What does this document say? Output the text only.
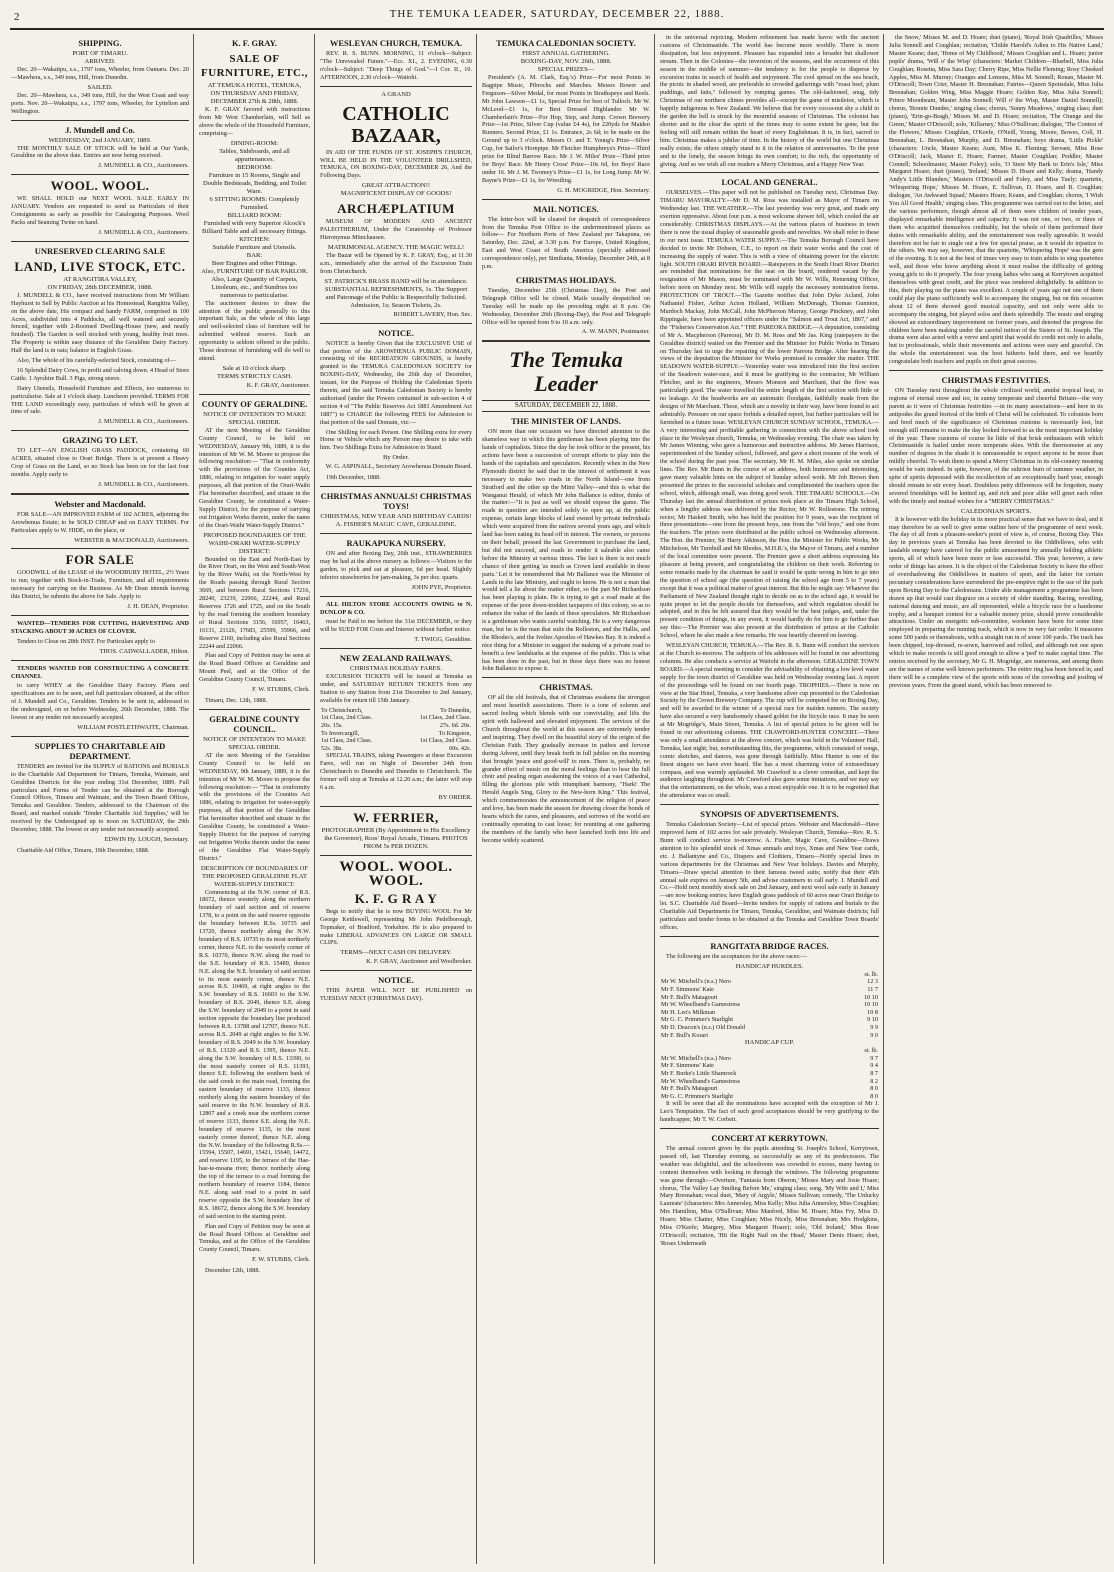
2	THE TEMUKA LEADER, SATURDAY, DECEMBER 22, 1888.
SHIPPING.
PORT OF TIMARU.
ARRIVED.
Dec. 20—Wakatipu, s.s., 1797 tons, Wheeler, from Oamaru. Dec. 20—Mawhera, s.s., 349 tons, Hill, from Dunedin.
SAILED.
Dec. 20—Mawhera, s.s., 349 tons, Hill, for the West Coast and way ports. Nov. 20—Wakatipu, s.s., 1797 tons, Wheeler, for Lyttelton and Wellington.
J. Mundell and Co.
WEDNESDAY, 2nd JANUARY, 1889.
THE MONTHLY SALE OF STOCK will be held at Our Yards, Geraldine on the above date. Entries are now being received.
J. MUNDELL & CO., Auctioneers.
WOOL. WOOL.
WE SHALL HOLD our NEXT WOOL SALE EARLY IN JANUARY. Vendors are requested to send us Particulars of their Consignments as early as possible for Cataloguing Purposes. Wool Packs and Seaming Twine on hand.
J. MUNDELL & CO., Auctioneers.
UNRESERVED CLEARING SALE
LAND, LIVE STOCK, ETC.
AT RANGITIRA VALLEY,
ON FRIDAY, 28th DECEMBER, 1888.
J. MUNDELL & CO., have received instructions from Mr William Hayhurst to Sell by Public Auction at his Homestead, Rangitira Valley, on the above date, His compact and handy FARM, comprised in 100 Acres, subdivided into 4 Paddocks, all well watered and securely fenced, together with 2-Roomed Dwelling-House (new, and neatly finished). The Garden is well stocked with young, healthy fruit trees. The Property is within easy distance of the Geraldine Dairy Factory. Half the land is in oats; balance in English Grass.
Also, The whole of his carefully-selected Stock, consisting of—
16 Splendid Dairy Cows, in profit and calving down. 4 Head of Store Cattle. 1 Ayrshire Bull. 3 Pigs, strong stores.
Dairy Utensils, Household Furniture and Effects, too numerous to particularise. Sale at 1 o'clock sharp. Luncheon provided. TERMS FOR THE LAND exceedingly easy, particulars of which will be given at time of sale.
J. MUNDELL & CO., Auctioneers.
GRAZING TO LET.
TO LET—AN ENGLISH GRASS PADDOCK, containing 60 ACRES, situated close to Orari Bridge. There is at present a Heavy Crop of Grass on the Land, so no Stock has been on for the last four months. Apply early to
J. MUNDELL & CO., Auctioneers.
Webster and Macdonald.
FOR SALE—AN IMPROVED FARM of 102 ACRES, adjoining the Arowhenua Estate; to be SOLD CHEAP and on EASY TERMS. For Particulars apply to W. HIDE, on the place, or
WEBSTER & MACDONALD, Auctioneers.
FOR SALE
GOODWILL of the LEASE of the WOODBURY HOTEL, 2½ Years to run; together with Stock-in-Trade, Furniture, and all requirements necessary for carrying on the Business. As Mr Dean intends leaving this District, he submits the above for Sale. Apply to
J. H. DEAN, Proprietor.
WANTED—TENDERS FOR CUTTING, HARVESTING AND STACKING ABOUT 30 ACRES OF CLOVER.
Tenders to Close on 28th INST. For Particulars apply to
THOS. CADWALLADER, Hilton.
TENDERS WANTED FOR CONSTRUCTING A CONCRETE CHANNEL
to carry WHEY at the Geraldine Dairy Factory. Plans and specifications are to be seen, and full particulars obtained, at the office of J. Mundell and Co., Geraldine. Tenders to be sent in, addressed to the undersigned, on or before Wednesday, 26th December, 1888. The lowest or any tender not necessarily accepted.
WILLIAM POSTLETHWAITE, Chairman.
SUPPLIES TO CHARITABLE AID DEPARTMENT.
TENDERS are invited for the SUPPLY of RATIONS and BURIALS to the Charitable Aid Department for Timaru, Temuka, Waimate, and Geraldine Districts for the year ending 31st December, 1889. Full particulars and Forms of Tender can be obtained at the Borough Council Offices, Timaru and Waimate, and the Town Board Offices, Temuka and Geraldine. Tenders, addressed to the Chairman of the Board, and marked outside 'Tender Charitable Aid Supplies,' will be received by the Undersigned up to noon on SATURDAY, the 29th December, 1888. The lowest or any tender not necessarily accepted.
EDWIN Hy. LOUGH, Secretary.
Charitable Aid Office, Timaru, 19th December, 1888.
K. F. GRAY.
SALE OF FURNITURE, ETC.,
AT TEMUKA HOTEL, TEMUKA,
ON THURSDAY AND FRIDAY, DECEMBER 27th & 28th, 1888.
K. F. GRAY favored with instructions from Mr West Chamberlain, will Sell as above the whole of the Household Furniture, comprising—
DINING-ROOM:
Tables, Sideboards, and all appurtenances.
BEDROOM:
Furniture in 15 Rooms, Single and Double Bedsteads, Bedding, and Toilet Ware.
6 SITTING ROOMS: Completely Furnished.
BILLIARD ROOM:
Furnished with very Superior Alcock's Billiard Table and all necessary fittings.
KITCHEN:
Suitable Furniture and Utensils.
BAR:
Beer Engines and other Fittings.
Also, FURNITURE OF BAR PARLOR.
Also, Large Quantity of Carpets, Linoleum, etc., and Sundries too numerous to particularise.
The auctioneer desires to draw the attention of the public generally to this important Sale, as the whole of this large and well-selected class of furniture will be submitted without reserve. Such an opportunity is seldom offered to the public. Those desirous of furnishing will do well to attend.
Sale at 10 o'clock sharp.
TERMS STRICTLY CASH.
K. F. GRAY, Auctioneer.
COUNTY OF GERALDINE.
NOTICE OF INTENTION TO MAKE SPECIAL ORDER.
AT the next Meeting of the Geraldine County Council, to be held on WEDNESDAY, January 9th, 1889, it is the intention of Mr W. M. Moore to propose the following resolution:— "That in conformity with the provisions of the Counties Act, 1886, relating to irrigation for water supply purposes, all that portion of the Orari-Waihi Flat hereinafter described, and situate in the Geraldine County, be constituted a Water-Supply District, for the purpose of carrying out Irrigation Works therein, under the name of the Orari-Waihi Water-Supply District."
PROPOSED BOUNDARIES OF THE WAIHI-ORARI WATER-SUPPLY DISTRICT:
Bounded on the East and North-East by the River Orari, on the West and South-West by the River Waihi, on the North-West by the Roads passing through Rural Section 3669, and between Rural Sections 17216, 28240, 23239, 22066, 22244, and Rural Reserves 1726 and 1725, and on the South by the road forming the southern boundary of Rural Sections 3156, 16957, 16463, 16131, 21126, 17683, 25599, 35966, and Reserve 2160, including also Rural Sections 22244 and 22066.
Plan and Copy of Petition may be seen at the Road Board Offices at Geraldine and Mount Peel, and at the Office of the Geraldine County Council, Timaru.
F. W. STUBBS, Clerk.
Timaru, Dec. 12th, 1888.
GERALDINE COUNTY COUNCIL.
NOTICE OF INTENTION TO MAKE SPECIAL ORDER.
AT the next Meeting of the Geraldine County Council to be held on WEDNESDAY, 9th January, 1889, it is the intention of Mr W. M. Moore to propose the following resolution:— "That in conformity with the provisions of the Counties Act 1886, relating to irrigation for water-supply purposes, all that portion of the Geraldine Flat hereinafter described and situate in the Geraldine County, be constituted a Water-Supply District for the purpose of carrying out Irrigation Works therein under the name of the Geraldine Flat Water-Supply District."
DESCRIPTION OF BOUNDARIES OF THE PROPOSED GERALDINE FLAT WATER-SUPPLY DISTRICT:
Commencing at the N.W. corner of R.S. 18672, thence westerly along the northern boundary of said section and of reserve 1378, to a point on the said reserve opposite the boundary between R.Ss. 10735 and 13720, thence northerly along the N.W. boundary of R.S. 10735 to its most northerly corner, thence N.E. to the westerly corner of R.S. 10370, thence N.W. along the road to the S.E. boundary of R.S. 15489, thence N.E. along the N.E. boundary of said section to its most easterly corner, thence N.E. across R.S. 10469, at right angles to the S.W. boundary of R.S. 16603 to the S.W. boundary of R.S. 2049, thence S.E. along the S.W. boundary of 2049 to a point in said section opposite the boundary line produced between R.S. 13788 and 12707, thence N.E. across R.S. 2049 at right angles to the S.W. boundary of R.S. 2049 to the S.W. boundary of R.S. 13320 and R.S. 1395, thence N.E. along the S.W. boundary of R.S. 13390, to the most easterly corner of R.S. 11393, thence S.E. following the southern bank of the said creek to the main road, forming the eastern boundary of reserve 1133, thence northerly along the eastern boundary of the said reserve to the N.W. boundary of R.S. 12807 and a creek near the northern corner of reserve 1133, thence S.E. along the N.E. boundary of reserve 1135, to the most easterly corner thereof, thence N.E. along the N.W. boundary of the following R.Ss.—15594, 15507, 14691, 15421, 15640, 14472, and reserve 1195, to the terrace of the Hae-hae-te-moana river, thence northerly along the top of the terrace to a road forming the northern boundary of reserve 1184, thence N.E. along said road to a point in said reserve opposite the S.W. boundary line of R.S. 18672, thence along the S.W. boundary of said section to the starting point.
Plan and Copy of Petition may be seen at the Road Board Offices at Geraldine and Temuka, and at the Office of the Geraldine County Council, Timaru.
F. W. STUBBS, Clerk.
December 12th, 1888.
WESLEYAN CHURCH, TEMUKA.
REV. R. S. BUNN. MORNING, 11 o'clock—Subject: "The Unrevealed Future."—Ecc. XI., 2. EVENING, 6.30 o'clock—Subject: "Deep Things of God."—I Cor. II., 10. AFTERNOON, 2.30 o'clock—Waitohi.
A GRAND
CATHOLIC BAZAAR,
IN AID OF THE FUNDS OF ST. JOSEPH'S CHURCH, WILL BE HELD IN THE VOLUNTEER DRILLSHED, TEMUKA, ON BOXING-DAY, DECEMBER 26, And the Following Days.
GREAT ATTRACTION!!
MAGNIFICENT DISPLAY OF GOODS!
ARCHÆPLATIUM
MUSEUM OF MODERN AND ANCIENT PALEOTHERIUM, Under the Curatorship of Professor Hieronymus Münchausen.
MATRIMONIAL AGENCY. THE MAGIC WELL!
The Bazar will be Opened by K. F. GRAY, Esq., at 11.30 a.m., immediately after the arrival of the Excursion Train from Christchurch.
ST. PATRICK'S BRASS BAND will be in attendance.
SUBSTANTIAL REFRESHMENTS, 1s. The Support and Patronage of the Public is Respectfully Solicited.
Admission, 1s; Season Tickets, 2s.
ROBERT LAVERY, Hon. Sec.
NOTICE.
NOTICE is hereby Given that the EXCLUSIVE USE of that portion of the AROWHENUA PUBLIC DOMAIN, consisting of the RECREATION GROUNDS, is hereby granted to the TEMUKA CALEDONIAN SOCIETY for BOXING-DAY, Wednesday, the 26th day of December, instant, for the Purpose of Holding the Caledonian Sports therein, and the said Temuka Caledonian Society is hereby authorised (under the Powers contained in sub-section 4 of section 4 of "The Public Reserves Act 1881 Amendment Act 1887") to CHARGE the following FEES for Admission to that portion of the said Domain, viz:—
One Shilling for each Person. One Shilling extra for every Horse or Vehicle which any Person may desire to take with him. Two Shillings Extra for Admission to Stand.
By Order.
W. G. ASPINALL, Secretary Arowhenua Domain Board.
19th December, 1888.
CHRISTMAS ANNUALS! CHRISTMAS TOYS!
CHRISTMAS, NEW YEAR AND BIRTHDAY CARDS!
A. FISHER'S MAGIC CAVE, GERALDINE.
RAUKAPUKA NURSERY.
ON and after Boxing Day, 26th inst., STRAWBERRIES may be had at the above nursery as follows:—Visitors to the garden, to pick and eat at pleasure, 6d per head. Slightly inferior strawberries for jam-making, 3s per doz. quarts.
JOHN PYE, Proprietor.
ALL HILTON STORE ACCOUNTS OWING to N. DUNLOP & CO.
must be Paid to me before the 31st DECEMBER, or they will be SUED FOR Costs and Interest without further notice.
T. TWIGG, Geraldine.
NEW ZEALAND RAILWAYS.
CHRISTMAS HOLIDAY FARES.
EXCURSION TICKETS will be issued at Temuka as under, and SATURDAY RETURN TICKETS from any Station to any Station from 21st December to 2nd January, available for return till 15th January.
To Christchurch,	To Dunedin,
1st Class, 2nd Class.	1st Class, 2nd Class.
20s. 15s.	27s. 6d. 20s.
To Invercargill,	To Kingston,
1st Class, 2nd Class.	1st Class, 2nd Class.
52s. 38s.	60s. 42s.
SPECIAL TRAINS, taking Passengers at these Excursion Fares, will run on Night of December 24th from Christchurch to Dunedin and Dunedin to Christchurch. The former will stop at Temuka at 12.20 a.m.; the latter will stop 6 a.m.
BY ORDER.
W. FERRIER,
PHOTOGRAPHER (By Appointment to His Excellency the Governor), Ross' Royal Arcade, Timaru. PHOTOS FROM 5s PER DOZEN.
WOOL. WOOL. WOOL.
K. F. G R A Y
Begs to notify that he is now BUYING WOOL For Mr George Kettlewell, representing Mr John Pedelborough, Topmaker, of Bradford, Yorkshire. He is also prepared to make LIBERAL ADVANCES ON LARGE OR SMALL CLIPS.
TERMS—NEXT CASH ON DELIVERY.
K. F. GRAY, Auctioneer and Woolbroker.
NOTICE.
THIS PAPER WILL NOT BE PUBLISHED on TUESDAY NEXT (CHRISTMAS DAY).
TEMUKA CALEDONIAN SOCIETY.
FIRST ANNUAL GATHERING.
BOXING-DAY, NOV. 26th, 1888.
SPECIAL PRIZES—
President's (A. M. Clark, Esq.'s) Prize—For most Points in Bagpipe Music, Pibrochs and Marches. Messrs Bower and Ferguson—Silver Medal, for most Points in Strathspeys and Reels. Mr John Lawson—£1 1s, Special Prize for best of Tulloch. Mr W. McLeod—£1 1s, for Best Dressed Highlander. Mr W. Chamberlain's Prize—For Hop, Step, and Jump. Crown Brewery Prize—1st Prize, Silver Cup (value £4 4s), for 220yds for Maiden Runners. Second Prize, £1 1s. Entrance, 2s 6d; to be made on the Ground up to 3 o'clock. Messrs O. and T. Young's Prize—Silver Cup, for Sailor's Hornpipe. Mr Fletcher Humphreys's Prize—Third prize for Blind Barrow Race. Mr J. W. Miles' Prize—Third prize for Boys' Race. Mr Henry Cross' Prize—10s 6d, for Boys' Race under 16. Mr J. M. Twomey's Prize—£1 1s, for Long Jump. Mr W. Bayne's Prize—£1 1s, for Wrestling.
G. H. MOGRIDGE, Hon. Secretary.
MAIL NOTICES.
The letter-box will be cleared for despatch of correspondence from the Temuka Post Office to the undermentioned places as follow— For Northern Ports of New Zealand per Takapuna, on Saturday, Dec. 22nd, at 3.30 p.m. For Europe, United Kingdom, East and West Coast of South America (specially addressed correspondence only), per Similunta, Monday, December 24th, at 8 p.m.
CHRISTMAS HOLIDAYS.
Tuesday, December 25th (Christmas Day), the Post and Telegraph Office will be closed. Mails usually despatched on Tuesday will be made up the preceding night at 8 p.m. On Wednesday, December 26th (Boxing-Day), the Post and Telegraph Office will be opened from 9 to 10 a.m. only.
A. W. MANN, Postmaster.
The Temuka Leader
SATURDAY, DECEMBER 22, 1888.
THE MINISTER OF LANDS.
ON more than one occasion we have directed attention to the shameless way in which this gentleman has been playing into the hands of capitalists. Since the day he took office to the present, his actions have been a succession of corrupt efforts to play into the hands of the capitalists and speculators. Recently when in the New Plymouth district he said that in the interest of settlement it was necessary to make two roads in the North Island—one from Stratford and the other up the Mimi Valley—and this is what the Wanganui Herald, of which Mr John Ballance is editor, thinks of the matter:—"It is just as well we should expose the game. The roads in question are intended solely to open up, at the public expense, certain large blocks of land owned by private individuals which were acquired from the natives several years ago, and which land has been eating its head off in interest. The owners, or persons on their behalf, pressed the last Government to purchase the land, but did not succeed, and roads to render it saleable also came before the Ministry at various times. The fact is there is not much chance of their getting 'as much as Crown land available in these parts.' Let it be remembered that Mr Ballance was the Minister of Lands in the late Ministry, and ought to know. He is not a man that would tell a lie about the matter either, so the part Mr Richardson has been playing is plain. He is trying to get a road made at the expense of the poor down-trodden taxpayers of this colony, so as to enhance the value of the lands of these speculators. Mr Richardson is a gentleman who wants careful watching. He is a very dangerous man, but he is the man that suits the Rolleston, and the Hallis, and the Rhodes's, and the Ivelies Apostles of Hawkes Bay. It is indeed a nice thing for a Minister to suggest the making of a private road to benefit a few landsharks at the expense of the public. This is what has been done in the past, but in these days there was no honest John Ballance to expose it.
CHRISTMAS.
OF all the old festivals, that of Christmas awakens the strongest and most heartfelt associations. There is a tone of solemn and sacred feeling which blends with our conviviality, and lifts the spirit with hallowed and elevated enjoyment. The services of the Church throughout the world at this season are extremely tender and inspiring. They dwell on the beautiful story of the origin of the Christian Faith. They gradually increase in pathos and fervour during Advent, until they break forth in full jubilee on the morning that brought 'peace and good-will' to men. There is, probably, no grander effect of music on the moral feelings than to hear the full choir and pealing organ awakening the voices of a vast Cathedral, filling the glorious pile with triumphant harmony, "Hark! The Herald Angels Sing, Glory to the New-born King." This festival, which commemorates the announcement of the religion of peace and love, has been made the season for drawing closer the bonds of hearts which the cares, and pleasures, and sorrows of the world are continually operating to cast loose; for reuniting at one gathering the members of the family who have launched forth into life and become widely scattered.
in the universal rejoicing. Modern refinement has made havoc with the ancient customs of Christmastide. The world has become more worldly. There is more dissipation, but less enjoyment. Pleasure has expanded into a broader but shallower stream. Then in the Colonies—the inversion of the seasons, and the occurrence of this season in the middle of summer—the tendency is for the people to disperse by excursion trains in search of health and enjoyment. The cool spread on the sea beach, the picnic in shaded wood, are preferable to crowded gatherings with "roast beef, plum puddings, and faits," followed by romping games. The old-fashioned, snug, tidy Christmas of our northern climes provides all—except the game of mistletoe, which is happily indigenous to New Zealand. We believe that for every cocoa-nut shy a child in the garden the bell is struck by the mournful seasons of Christmas. The colonist has shorter and in the clear the spirit of the times may to some extent be gone, but the feeling will still remain within the heart of every Englishman. It is, in fact, sacred to him. Christmas makes a jubilee of time. In the history of the world but one Christmas really exists; the others simply stand to it in the relation of anniversaries. To the poor and to the lonely, the season brings its own comfort; to the rich, the opportunity of giving. And so we wish all our readers a Merry Christmas, and a Happy New Year.
LOCAL AND GENERAL.
OURSELVES.—This paper will not be published on Tuesday next, Christmas Day. TIMARU MAYORALTY.—Mr D. M. Ross was installed as Mayor of Timaru on Wednesday last. THE WEATHER.—The last yesterday was very great, and made any exertion oppressive. About four p.m. a most welcome shower fell, which cooled the air considerably. CHRISTMAS DISPLAYS.—At the various places of business in town there is now the usual display of seasonable goods and novelties. We shall refer to these in our next issue. TEMUKA WATER SUPPLY.—The Temuka Borough Council have decided to invite Mr Dobson, C.E., to report on their water works and the cost of increasing the supply of water. This is with a view of obtaining power for the electric light. SOUTH ORARI RIVER BOARD.—Ratepayers in the South Orari River District are reminded that nominations for the seat on the board, rendered vacant by the resignation of Mr Mason, must be nominated with Mr W. Wills, Returning Officer, before noon on Monday next. Mr Wills will supply the necessary nomination forms. PROTECTION OF TROUT.—The Gazette notifies that John Dyke Acland, John Nathaniel Fisher, Arthur Acton Holland, William McDonagh, Thomas Gunnion, Murdoch Mackay, John McCall, John McPherson Murray, George Pinckney, and John Rippingale, have been appointed officers under the "Salmon and Trout Act, 1867," and the "Fisheries Conservation Act." THE PAREORA BRIDGE.—A deputation, consisting of Mr A. Macpherson (Pareora), Mr D. M. Ross and Mr Jas. King (ratepayers in the Geraldine district) waited on the Premier and the Minister for Public Works in Timaru on Thursday last to urge the repairing of the lower Pareora Bridge. After hearing the views of the deputation the Minister for Works promised to consider the matter. THE SEADOWN WATER-SUPPLY.—Yesterday water was introduced into the first section of the Seadown water-race, and it must be gratifying to the contractor, Mr William Fletcher, and to the engineers, Messrs Monson and Marchant, that the flow was particularly good. The water travelled the entire length of the first section with little or no leakage. At the headworks are an automatic floodgate, faithfully made from the designs of Mr Marchant. These, which are a novelty in their way, have been found to act admirably. Pressure on our space forbids a detailed report, but further particulars will be furnished in a future issue. WESLEYAN CHURCH SUNDAY SCHOOL, TEMUKA.—A very interesting and profitable gathering in connection with the above school took place in the Wesleyan church, Temuka, on Wednesday evening. The chair was taken by Mr James Winning, who gave a humorous and instructive address. Mr James Harrison, superintendent of the Sunday school, followed, and gave a short resume of the work of the school during the past year. The secretary, Mr H. M. Miles, also spoke on similar lines. The Rev. Mr Bunn in the course of an address, both humorous and interesting, gave many valuable hints on the subject of Sunday school work. Mr Job Brown then presented the prizes to the successful scholars and complimented the teachers upon the school, which, although small, was doing good work. THE TIMARU SCHOOLS.—On Thursday last the annual distribution of prizes took place at the Timaru High School, when a lengthy address was delivered by the Rector, Mr W. Rollestone. The retiring rector, Mr Haskett Smith, who has held the position for 9 years, was the recipient of three presentations—one from the present boys, one from the "old boys," and one from the teachers. The prizes were distributed at the public school on Wednesday afternoon. The Hon. the Premier, Sir Harry Atkinson, the Hon. the Minister for Public Works, Mr Mitchelson, Mr Turnbull and Mr Rhodes, M.H.R.'s, the Mayor of Timaru, and a number of the local committee were present. The Premier gave a short address expressing his pleasure at being present, and congratulating the children on their work. Referring to some remarks made by the chairman he said it would be quite wrong in him to go into the question of school age (the question of raising the school age from 5 to 7 years) except that it was a political matter of great interest. But this he might say: Whatever the Parliament of New Zealand thought right to decide on as to the school age, it would be quite proper to let the people decide for themselves, and which regulation should be adopted, and in this he felt assured that they would be the best judges, and, under the present condition of things, in any event, it would hardly do for him to go further than say this:—The Premier was also present at the distribution of prizes at the Catholic School, where he also made a few remarks. He was heartily cheered on leaving.
WESLEYAN CHURCH, TEMUKA.—The Rev. R. S. Bunn will conduct the services at the Church to-morrow. The subjects of his addresses will be found in our advertising columns. He also conducts a service at Waitohi in the afternoon. GERALDINE TOWN BOARD.—A special meeting to consider the advisability of obtaining a low level water supply for the town district of Geraldine was held on Wednesday evening last. A report of the proceedings will be found on our fourth page. TROPHIES.—There is now on view at the Star Hotel, Temuka, a very handsome silver cup presented to the Caledonian Society by the Crown Brewery Company. The cup will be competed for on Boxing Day, and will be awarded to the winner of a special race for maiden runners. The society have also secured a very handsomely chased goblet for the bicycle race. It may be seen at Mr Mogridge's, Main Street, Temuka. A list of special prizes to be given will be found in our advertising columns. THE CRAWFORD-HUNTER CONCERT.—There was only a small attendance at the above concert, which was held in the Volunteer Hall, Temuka, last night; but, notwithstanding this, the programme, which consisted of songs, comic sketches, and dances, was gone through faithfully. Miss Hunter is one of the finest singers we have ever heard. She has a most charming voice of extraordinary compass, and was warmly applauded. Mr Crawford is a clever comedian, and kept the audience laughing throughout. Mr Crawford also gave some imitations, and we may say that the entertainment, on the whole, was a most enjoyable one. It is to be regretted that the attendance was so small.
SYNOPSIS OF ADVERTISEMENTS.
Temuka Caledonian Society—List of special prizes. Webster and Macdonald—Have improved farm of 102 acres for sale privately. Wesleyan Church, Temuka—Rev. R. S. Bunn will conduct service to-morrow. A. Fisher, Magic Cave, Geraldine—Draws attention to his splendid stock of Xmas annuals and toys, Xmas and New Year cards, etc. J. Ballantyne and Co., Drapers and Clothiers, Timaru—Notify special lines in various departments for the Christmas and New Year holidays. Davies and Murphy, Timaru—Draw special attention to their famous tweed suits; notify that their 45th annual sale expires on January 5th, and advise customers to call early. J. Mundell and Co.—Hold next monthly stock sale on 2nd January, and next wool sale early in January—are now booking entries; have English grass paddock of 60 acres near Orari Bridge to let. S.C. Charitable Aid Board—Invite tenders for supply of rations and burials to the Charitable Aid Departments for Timaru, Temuka, Geraldine, and Waimate districts; full particulars and tender forms to be obtained at the Temuka and Geraldine Town Boards' offices.
RANGITATA BRIDGE RACES.
The following are the acceptances for the above races:—
HANDICAP HURDLES.
	st. lb.
Mr W. Mitchell's (n.s.) Nero	12 3
Mr F. Simmons' Kate	11 7
Mr F. Bull's Matagouri	10 10
Mr W. Wheelband's Gamestress	10 10
Mr H. Leo's Milkman	10 8
Mr G. C. Primmer's Starlight	9 10
Mr D. Deacon's (n.s.) Old Donald	9 9
Mr F. Bull's Korari	9 0
HANDICAP CUP.
	st. lb.
Mr W. Mitchell's (n.s.) Nero	9 7
Mr F. Simmons' Kate	9 4
Mr F. Burke's Little Shamrock	8 7
Mr W. Wheelband's Gamestress	8 2
Mr F. Bull's Matagouri	8 0
Mr G. C. Primmer's Starlight	8 0
It will be seen that all the nominations have accepted with the exception of Mr J. Leo's Temptation. The fact of such good acceptances should be very gratifying to the handicapper, Mr T. W. Corbett.
CONCERT AT KERRYTOWN.
The annual concert given by the pupils attending St. Joseph's School, Kerrytown, passed off, last Thursday evening, as successfully as any of its predecessors. The weather was delightful, and the schoolroom was crowded to excess, many having to content themselves with looking in through the windows. The following programme was gone through:—Overture, 'Fantasia from Oberon,' Misses Mary and Josie Hoare; chorus, 'The Valley Lay Smiling Before Me,' singing class; song, 'My Wife and I,' Miss Mary Bresnahan; vocal duet, 'Mary of Argyle,' Misses Sullivan; comedy, 'The Unlucky Laureate' (characters: Mrs Annersley, Miss Kelly; Miss Julia Annersley, Miss Coughlan; Mrs Hamilton, Miss O'Sullivan; Miss Manford, Miss M. Hoare; Miss Fry, Miss D. Hoare; Miss Chatter, Miss Coughlan; Miss Nicely, Miss Bresnahan; Mrs Hodgkins, Miss O'Keefe; Margery, Miss Margaret Hoare); solo, 'Old Ireland,' Miss Rose O'Driscoll; recitation, 'Hit the Right Nail on the Head,' Master Denis Hoare; duet, 'Roses Underneath
the Snow,' Misses M. and D. Hoare; duet (piano), 'Royal Irish Quadrilles,' Misses Julia Sonnell and Coughlan; recitation, 'Childe Harold's Adieu to His Native Land,' Master Keane; duet, 'Home of My Childhood,' Misses Coughlan and L. Hoare; junior pupils' drama, 'Will o' the Wisp' (characters: Market Children—Bluebell, Miss Julia Coughlan; Rosetta, Miss Sara Day; Cherry Ripe, Miss Nellie Fleming; Rosy Cheeked Apples, Miss M. Murray; Oranges and Lemons, Miss M. Sonnell; Ronan, Master M. O'Driscoll; Town Crier, Master H. Bresnahan; Fairies—Queen Spotisdale, Miss Julia Bresnahan; Golden Wing, Miss Maggie Hoare; Golden Ray, Miss Julia Sonnell; Prince Moonbeam, Master John Sonnell; Will o' the Wisp, Master Daniel Sonnell); chorus, 'Bonnie Dundee,' singing class; chorus, 'Sunny Meadows,' singing class; duet (piano), 'Erin-go-Bragh,' Misses M. and D. Hoare; recitation, 'The Orange and the Green,' Master O'Driscoll; solo, 'Killarney,' Miss O'Sullivan; dialogue, 'The Contest of the Flowers,' Misses Coughlan, O'Keefe, O'Neill, Young, Moore, Bowes, Coll, H. Bresnahan, L. Bresnahan, Murphy, and D. Bresnahan; boys drama, 'Little Pickle' (characters: Uncle, Master Keane; Aunt, Miss K. Fleming; Servant, Miss Rose O'Driscoll; Jack, Master E. Hoare; Farmer, Master Coughlan; Peddler, Master Connell; Schoolmaster, Master Foley); solo, 'O Steer My Bark to Erin's Isle,' Miss Margaret Hoare; duet (piano), 'Ireland,' Misses D. Hoare and Kelly; drama, 'Handy Andy's Little Blunders,' Masters O'Driscoll and Foley, and Miss Tuely; quartette, 'Whispering Hope,' Misses M. Hoare, E. Sullivan, D. Hoare, and B. Coughlan; dialogue, 'An Awkward Squad,' Masters Hoare, Keane, and Coughlan; chorus, 'I Wish You All Good Health,' singing class. This programme was carried out to the letter, and the various performers, though almost all of them were children of tender years, displayed remarkable intelligence and capacity. It was not one, or two, or three of them who acquitted themselves creditably, but the whole of them performed their duties with remarkable ability, and the entertainment was really agreeable. It would therefore not be fair to single out a few for special praise, as it would do injustice to the others. We may say, however, that the quartette, 'Whispering Hope' was the gem of the evening. It is not at the best of times very easy to train adults to sing quartettes well, and those who know anything about it must realise the difficulty of getting young girls to do it properly. The four young ladies who sang at Kerrytown acquitted themselves with great credit, and the piece was rendered delightfully. In addition to this, their playing on the piano was excellent. A couple of years ago not one of them could play the piano sufficiently well to accompany the singing, but on this occasion about 12 of them showed good musical capacity, and not only were able to accompany the singing, but played solos and duets splendidly. The music and singing showed an extraordinary improvement on former years, and denoted the progress the children have been making under the careful tuition of the Sisters of St. Joseph. The drama were also acted with a verve and spirit that would do credit not only to adults, but to professionals, while their movements and actions were easy and graceful. On the whole the entertainment was the best hitherto held there, and we heartily congratulate both teachers and pupils on their great success.
CHRISTMAS FESTIVITIES.
ON Tuesday next throughout the whole civilized world, amidst tropical heat, in regions of eternal snow and ice, in sunny temperate and cheerful Britain—the very parent as it were of Christmas festivities —in its many associations—and here in its antipodes the grand festival of the birth of Christ will be celebrated. To colonists born and bred much of the significance of Christmas customs is necessarily lost, but enough still remains to make the day looked forward to as the most important holiday of the year. These customs of course lie little of that brisk enthusiasm with which Christmastide is hailed under more temperate skies. With the thermometer at any number of degrees in the shade it is unreasonable to expect anyone to be more than mildly cheerful. To wish them to spend a Merry Christmas in its old-country meaning would be vain indeed. In spite, however, of the sultriest burn of summer weather, in spite of spirits depressed with the recollection of an exceptionally hard year, enough should remain to stir every heart. Doubtless petty differences will be forgotten, many severed friendships will be knitted up, and rich and poor alike will greet each other with the timely and mutual wishes for a "MERRY CHRISTMAS."
CALEDONIAN SPORTS.
It is however with the holiday in its more practical sense that we have to deal, and it may therefore be as well to give some outline here of the programme of next week. The day of all from a pleasure-seeker's point of view is, of course, Boxing Day. This day in previous years at Temuka has been devoted to the Oddfellows, who with laudable energy have catered for the public amusement by annually holding athletic sports, all of which have been more or less successful. This year, however, a new order of things has arisen. It is the object of the Caledonian Society to have the effect of overshadowing the Oddfellows in matters of sport, and the latter for certain pecuniary considerations have surrendered the pre-emptive right to the use of the park upon Boxing Day to the Caledonians. Under able management a programme has been drawn up that would cast disgrace on a society of older standing. Racing, wrestling, national dancing and music, are all represented, while a bicycle race for a handsome trophy, and a banquet contest for a valuable money prize, should prove considerable attractions. Under an energetic sub-committee, workmen have been for some time employed in preparing the running track, which is now in very fair order. It measures some 500 yards or thereabouts, with a straight run in of some 100 yards. The track has been chipped, top-dressed, re-sown, harrowed and rolled, and although not one upon which to make records is still good enough to allow a 'ped' to make capital time. The entries received by the secretary, Mr G. H. Mogridge, are numerous, and among them are the names of some well known performers. The entire ring has been fenced in, and there will be a complete view of the sports with none of the crowding and jostling of previous years. From the grand stand, which has been removed to
